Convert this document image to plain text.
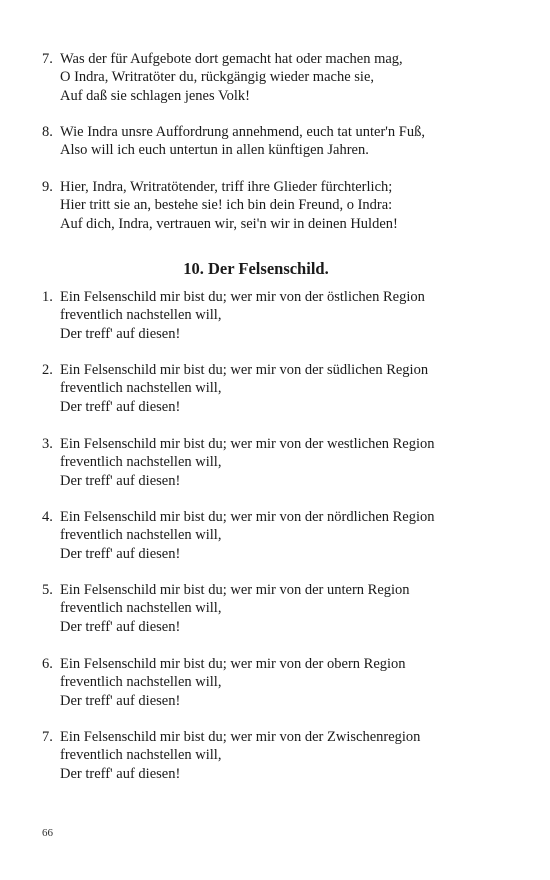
7. Was der für Aufgebote dort gemacht hat oder machen mag,
O Indra, Writratöter du, rückgängig wieder mache sie,
Auf daß sie schlagen jenes Volk!
8. Wie Indra unsre Auffordrung annehmend, euch tat unter'n Fuß,
Also will ich euch untertun in allen künftigen Jahren.
9. Hier, Indra, Writratötender, triff ihre Glieder fürchterlich;
Hier tritt sie an, bestehe sie! ich bin dein Freund, o Indra:
Auf dich, Indra, vertrauen wir, sei'n wir in deinen Hulden!
10. Der Felsenschild.
1. Ein Felsenschild mir bist du; wer mir von der östlichen Region
freventlich nachstellen will,
Der treff' auf diesen!
2. Ein Felsenschild mir bist du; wer mir von der südlichen Region
freventlich nachstellen will,
Der treff' auf diesen!
3. Ein Felsenschild mir bist du; wer mir von der westlichen Region
freventlich nachstellen will,
Der treff' auf diesen!
4. Ein Felsenschild mir bist du; wer mir von der nördlichen Region
freventlich nachstellen will,
Der treff' auf diesen!
5. Ein Felsenschild mir bist du; wer mir von der untern Region
freventlich nachstellen will,
Der treff' auf diesen!
6. Ein Felsenschild mir bist du; wer mir von der obern Region
freventlich nachstellen will,
Der treff' auf diesen!
7. Ein Felsenschild mir bist du; wer mir von der Zwischenregion
freventlich nachstellen will,
Der treff' auf diesen!
66
